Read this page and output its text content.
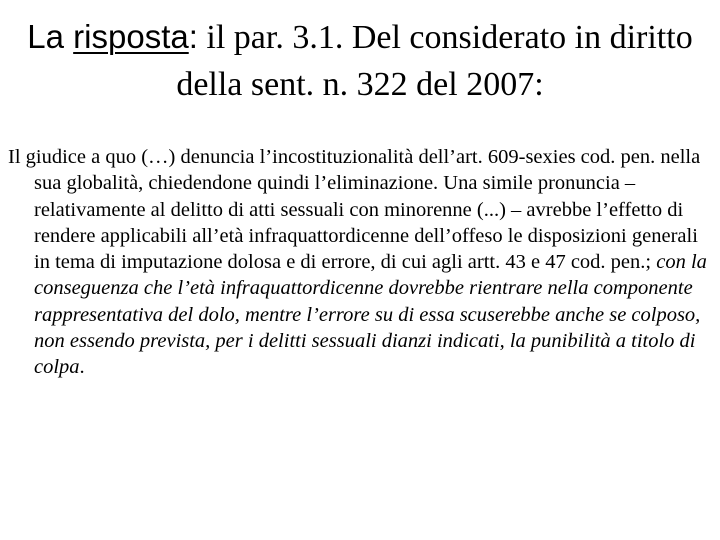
La risposta: il par. 3.1. Del considerato in diritto della sent. n. 322 del 2007:

Il giudice a quo (…) denuncia l’incostituzionalità dell’art. 609-sexies cod. pen. nella sua globalità, chiedendone quindi l’eliminazione. Una simile pronuncia – relativamente al delitto di atti sessuali con minorenne (...) – avrebbe l’effetto di rendere applicabili all’età infraquattordicenne dell’offeso le disposizioni generali in tema di imputazione dolosa e di errore, di cui agli artt. 43 e 47 cod. pen.; con la conseguenza che l’età infraquattordicenne dovrebbe rientrare nella componente rappresentativa del dolo, mentre l’errore su di essa scuserebbe anche se colposo, non essendo prevista, per i delitti sessuali dianzi indicati, la punibilità a titolo di colpa.
